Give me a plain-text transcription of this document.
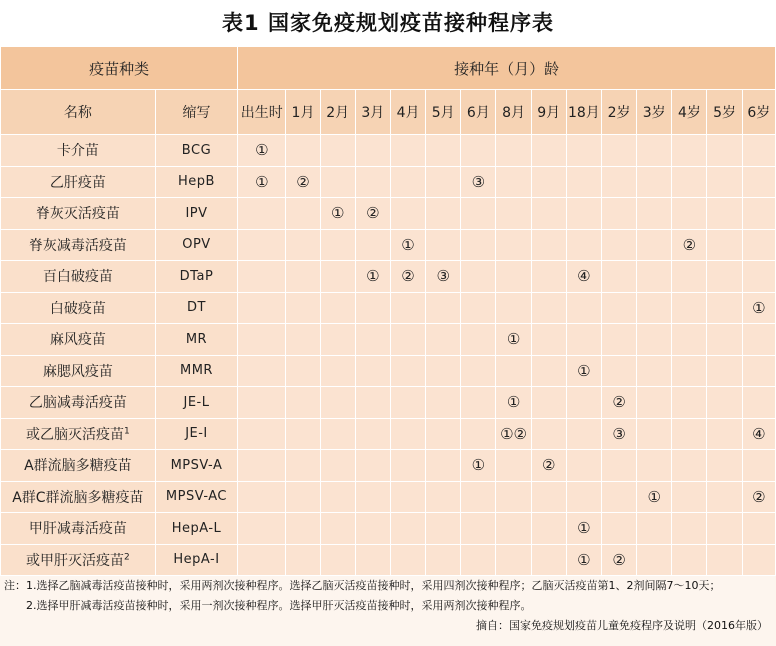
表1 国家免疫规划疫苗接种程序表
疫苗种类		接种年（月）龄														
名称	缩写	出生时	1月	2月	3月	4月	5月	6月	8月	9月	18月	2岁	3岁	4岁	5岁	6岁
卡介苗	BCG	①														
乙肝疫苗	HepB	①	②					③								
脊灰灭活疫苗	IPV			①	②											
脊灰减毒活疫苗	OPV					①								②		
百白破疫苗	DTaP				①	②	③				④					
白破疫苗	DT															①
麻风疫苗	MR								①							
麻腮风疫苗	MMR										①					
乙脑减毒活疫苗	JE-L								①			②				
或乙脑灭活疫苗$^1$	JE-I								①②			③				④
A群流脑多糖疫苗	MPSV-A							①		②						
A群C群流脑多糖疫苗	MPSV-AC												①			②
甲肝减毒活疫苗	HepA-L										①					
或甲肝灭活疫苗$^2$	HepA-I										①	②				
注：1.选择乙脑减毒活疫苗接种时，采用两剂次接种程序。选择乙脑灭活疫苗接种时，采用四剂次接种程序；乙脑灭活疫苗第1、2剂间隔7～10天；
2.选择甲肝减毒活疫苗接种时，采用一剂次接种程序。选择甲肝灭活疫苗接种时，采用两剂次接种程序。
摘自：国家免疫规划疫苗儿童免疫程序及说明（2016年版）
